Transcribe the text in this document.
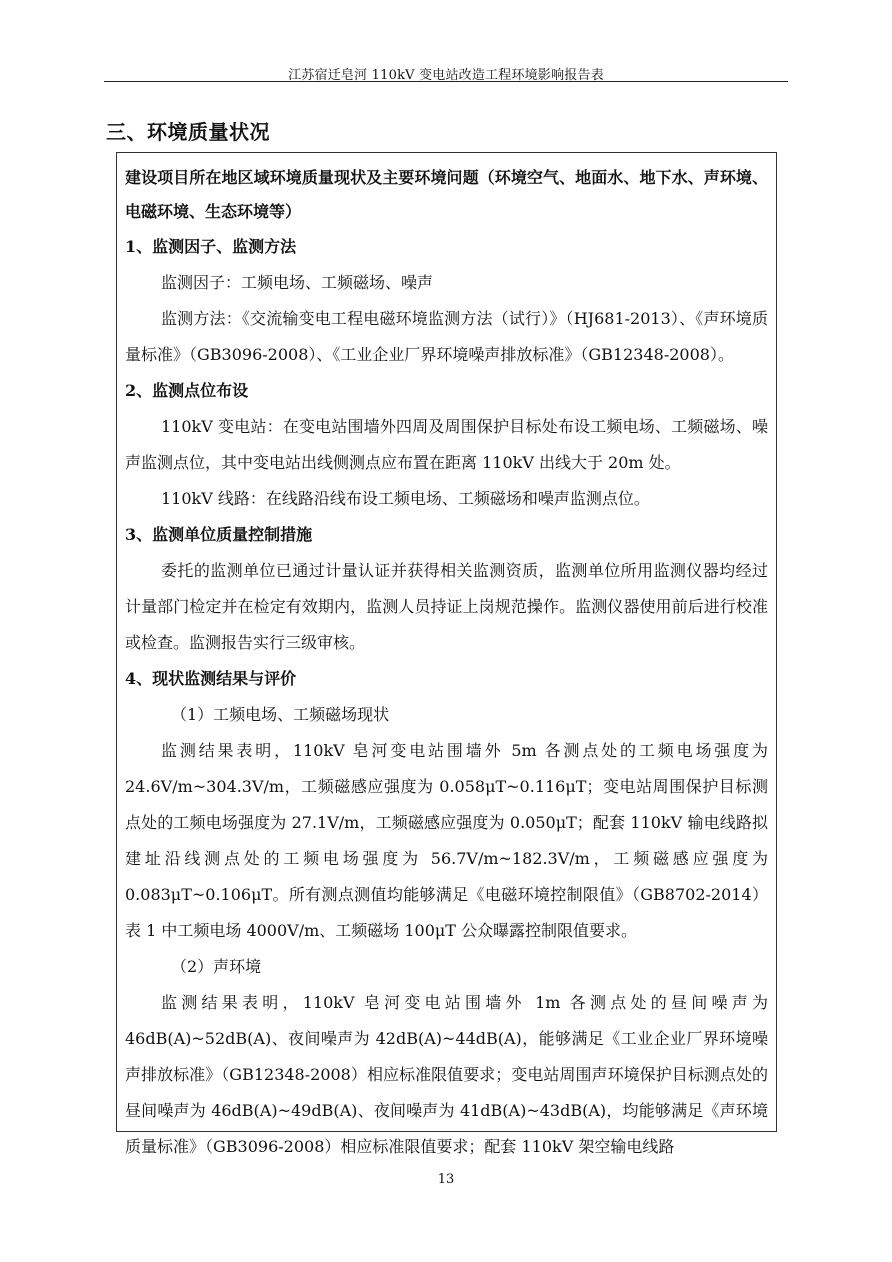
江苏宿迁皂河 110kV 变电站改造工程环境影响报告表
三、环境质量状况

建设项目所在地区域环境质量现状及主要环境问题（环境空气、地面水、地下水、声环境、电磁环境、生态环境等）

1、监测因子、监测方法

监测因子：工频电场、工频磁场、噪声

监测方法：《交流输变电工程电磁环境监测方法（试行）》（HJ681-2013）、《声环境质量标准》（GB3096-2008）、《工业企业厂界环境噪声排放标准》（GB12348-2008）。

2、监测点位布设

110kV 变电站：在变电站围墙外四周及周围保护目标处布设工频电场、工频磁场、噪声监测点位，其中变电站出线侧测点应布置在距离 110kV 出线大于 20m 处。

110kV 线路：在线路沿线布设工频电场、工频磁场和噪声监测点位。

3、监测单位质量控制措施

委托的监测单位已通过计量认证并获得相关监测资质，监测单位所用监测仪器均经过计量部门检定并在检定有效期内，监测人员持证上岗规范操作。监测仪器使用前后进行校准或检查。监测报告实行三级审核。

4、现状监测结果与评价

（1）工频电场、工频磁场现状

监测结果表明，110kV 皂河变电站围墙外 5m 各测点处的工频电场强度为 24.6V/m~304.3V/m，工频磁感应强度为 0.058μT~0.116μT；变电站周围保护目标测点处的工频电场强度为 27.1V/m，工频磁感应强度为 0.050μT；配套 110kV 输电线路拟建址沿线测点处的工频电场强度为 56.7V/m~182.3V/m，工频磁感应强度为 0.083μT~0.106μT。所有测点测值均能够满足《电磁环境控制限值》（GB8702-2014）表 1 中工频电场 4000V/m、工频磁场 100μT 公众曝露控制限值要求。

（2）声环境

监测结果表明，110kV 皂河变电站围墙外 1m 各测点处的昼间噪声为 46dB(A)~52dB(A)、夜间噪声为 42dB(A)~44dB(A)，能够满足《工业企业厂界环境噪声排放标准》（GB12348-2008）相应标准限值要求；变电站周围声环境保护目标测点处的昼间噪声为 46dB(A)~49dB(A)、夜间噪声为 41dB(A)~43dB(A)，均能够满足《声环境质量标准》（GB3096-2008）相应标准限值要求；配套 110kV 架空输电线路

13
